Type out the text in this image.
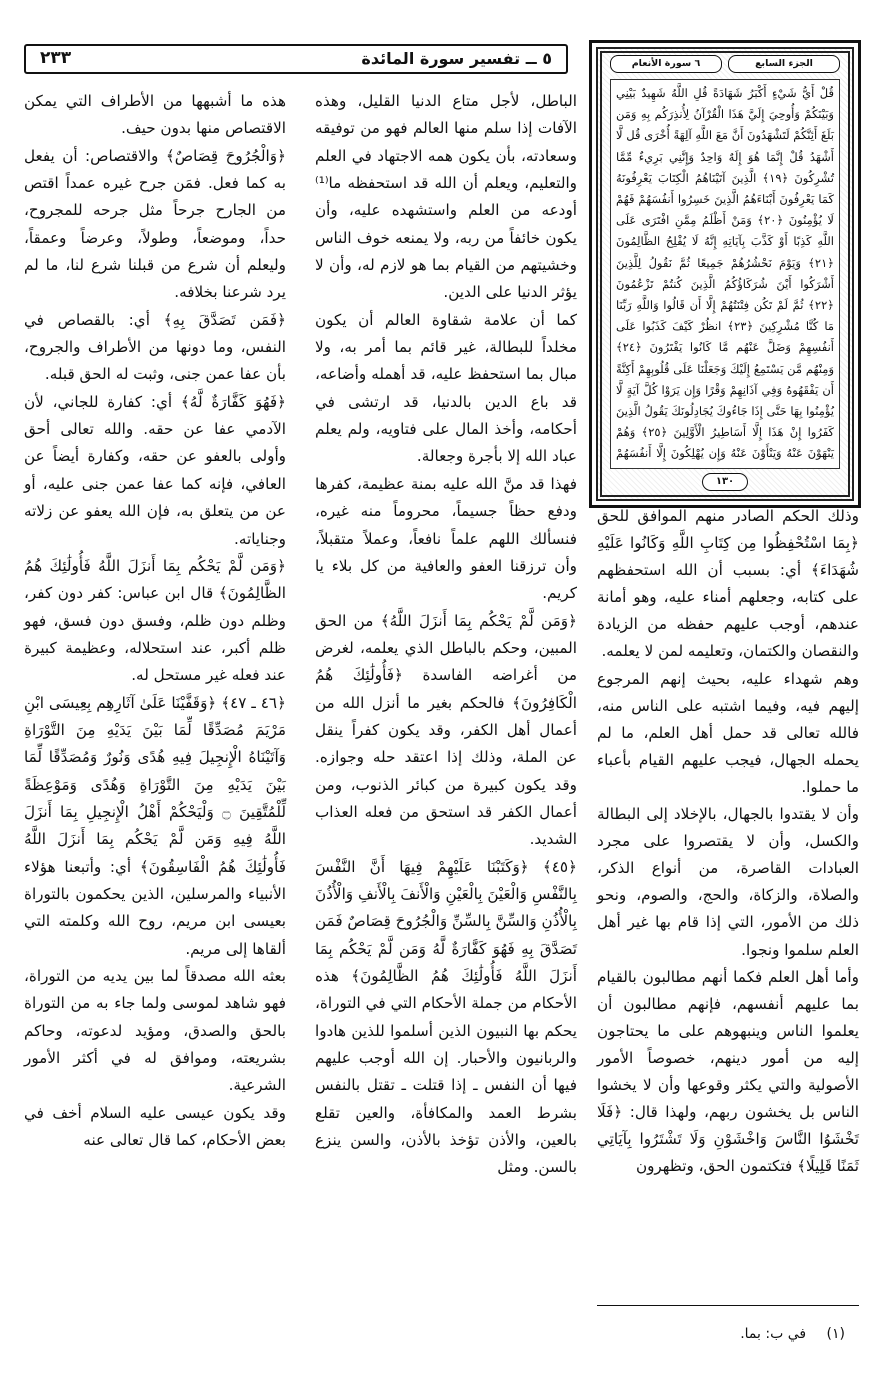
٢٣٣	٥ ــ تفسير سورة المائدة	الجزء السابع
٦ سورة الأنعام

قُلْ أَيُّ شَيْءٍ أَكْبَرُ شَهَادَةً قُلِ اللَّهُ شَهِيدٌ بَيْنِي وَبَيْنَكُمْ وَأُوحِيَ إِلَيَّ هَذَا الْقُرْآنُ لِأُنذِرَكُم بِهِ وَمَن بَلَغَ أَئِنَّكُمْ لَتَشْهَدُونَ أَنَّ مَعَ اللَّهِ آلِهَةً أُخْرَى قُل لَّا أَشْهَدُ قُلْ إِنَّمَا هُوَ إِلَهٌ وَاحِدٌ وَإِنَّنِي بَرِيءٌ مِّمَّا تُشْرِكُونَ ﴿١٩﴾ الَّذِينَ آتَيْنَاهُمُ الْكِتَابَ يَعْرِفُونَهُ كَمَا يَعْرِفُونَ أَبْنَاءَهُمُ الَّذِينَ خَسِرُوا أَنفُسَهُمْ فَهُمْ لَا يُؤْمِنُونَ ﴿٢٠﴾ وَمَنْ أَظْلَمُ مِمَّنِ افْتَرَى عَلَى اللَّهِ كَذِبًا أَوْ كَذَّبَ بِآيَاتِهِ إِنَّهُ لَا يُفْلِحُ الظَّالِمُونَ ﴿٢١﴾ وَيَوْمَ نَحْشُرُهُمْ جَمِيعًا ثُمَّ نَقُولُ لِلَّذِينَ أَشْرَكُوا أَيْنَ شُرَكَاؤُكُمُ الَّذِينَ كُنتُمْ تَزْعُمُونَ ﴿٢٢﴾ ثُمَّ لَمْ تَكُن فِتْنَتُهُمْ إِلَّا أَن قَالُوا وَاللَّهِ رَبِّنَا مَا كُنَّا مُشْرِكِينَ ﴿٢٣﴾ انظُرْ كَيْفَ كَذَبُوا عَلَى أَنفُسِهِمْ وَضَلَّ عَنْهُم مَّا كَانُوا يَفْتَرُونَ ﴿٢٤﴾ وَمِنْهُم مَّن يَسْتَمِعُ إِلَيْكَ وَجَعَلْنَا عَلَى قُلُوبِهِمْ أَكِنَّةً أَن يَفْقَهُوهُ وَفِي آذَانِهِمْ وَقْرًا وَإِن يَرَوْا كُلَّ آيَةٍ لَّا يُؤْمِنُوا بِهَا حَتَّى إِذَا جَاءُوكَ يُجَادِلُونَكَ يَقُولُ الَّذِينَ كَفَرُوا إِنْ هَذَا إِلَّا أَسَاطِيرُ الْأَوَّلِينَ ﴿٢٥﴾ وَهُمْ يَنْهَوْنَ عَنْهُ وَيَنْأَوْنَ عَنْهُ وَإِن يُهْلِكُونَ إِلَّا أَنفُسَهُمْ

١٣٠

الباطل، لأجل متاع الدنيا القليل، وهذه الآفات إذا سلم منها العالم فهو من توفيقه وسعادته، بأن يكون همه الاجتهاد في العلم والتعليم، ويعلم أن الله قد استحفظه ما⁽¹⁾ أودعه من العلم واستشهده عليه، وأن يكون خائفاً من ربه، ولا يمنعه خوف الناس وخشيتهم من القيام بما هو لازم له، وأن لا يؤثر الدنيا على الدين.

كما أن علامة شقاوة العالم أن يكون مخلداً للبطالة، غير قائم بما أمر به، ولا مبال بما استحفظ عليه، قد أهمله وأضاعه، قد باع الدين بالدنيا، قد ارتشى في أحكامه، وأخذ المال على فتاويه، ولم يعلم عباد الله إلا بأجرة وجعالة.

فهذا قد منَّ الله عليه بمنة عظيمة، كفرها ودفع حظاً جسيماً، محروماً منه غيره، فنسألك اللهم علماً نافعاً، وعملاً متقبلاً، وأن ترزقنا العفو والعافية من كل بلاء يا كريم.

﴿وَمَن لَّمْ يَحْكُم بِمَا أَنزَلَ اللَّهُ﴾ من الحق المبين، وحكم بالباطل الذي يعلمه، لغرض من أغراضه الفاسدة ﴿فَأُولَٰئِكَ هُمُ الْكَافِرُونَ﴾ فالحكم بغير ما أنزل الله من أعمال أهل الكفر، وقد يكون كفراً ينقل عن الملة، وذلك إذا اعتقد حله وجوازه. وقد يكون كبيرة من كبائر الذنوب، ومن أعمال الكفر قد استحق من فعله العذاب الشديد.

﴿٤٥﴾ ﴿وَكَتَبْنَا عَلَيْهِمْ فِيهَا أَنَّ النَّفْسَ بِالنَّفْسِ وَالْعَيْنَ بِالْعَيْنِ وَالْأَنفَ بِالْأَنفِ وَالْأُذُنَ بِالْأُذُنِ وَالسِّنَّ بِالسِّنِّ وَالْجُرُوحَ قِصَاصٌ فَمَن تَصَدَّقَ بِهِ فَهُوَ كَفَّارَةٌ لَّهُ وَمَن لَّمْ يَحْكُم بِمَا أَنزَلَ اللَّهُ فَأُولَٰئِكَ هُمُ الظَّالِمُونَ﴾ هذه الأحكام من جملة الأحكام التي في التوراة، يحكم بها النبيون الذين أسلموا للذين هادوا والربانيون والأحبار. إن الله أوجب عليهم فيها أن النفس ـ إذا قتلت ـ تقتل بالنفس بشرط العمد والمكافأة، والعين تقلع بالعين، والأذن تؤخذ بالأذن، والسن ينزع بالسن. ومثل

هذه ما أشبهها من الأطراف التي يمكن الاقتصاص منها بدون حيف.

﴿وَالْجُرُوحَ قِصَاصٌ﴾ والاقتصاص: أن يفعل به كما فعل. فمَن جرح غيره عمداً اقتص من الجارح جرحاً مثل جرحه للمجروح، حداً، وموضعاً، وطولاً، وعرضاً وعمقاً، وليعلم أن شرع من قبلنا شرع لنا، ما لم يرد شرعنا بخلافه.

﴿فَمَن تَصَدَّقَ بِهِ﴾ أي: بالقصاص في النفس، وما دونها من الأطراف والجروح، بأن عفا عمن جنى، وثبت له الحق قبله.

﴿فَهُوَ كَفَّارَةٌ لَّهُ﴾ أي: كفارة للجاني، لأن الآدمي عفا عن حقه. والله تعالى أحق وأولى بالعفو عن حقه، وكفارة أيضاً عن العافي، فإنه كما عفا عمن جنى عليه، أو عن من يتعلق به، فإن الله يعفو عن زلاته وجناياته.

﴿وَمَن لَّمْ يَحْكُم بِمَا أَنزَلَ اللَّهُ فَأُولَٰئِكَ هُمُ الظَّالِمُونَ﴾ قال ابن عباس: كفر دون كفر، وظلم دون ظلم، وفسق دون فسق، فهو ظلم أكبر، عند استحلاله، وعظيمة كبيرة عند فعله غير مستحل له.

﴿٤٦ ـ ٤٧﴾ ﴿وَقَفَّيْنَا عَلَىٰ آثَارِهِم بِعِيسَى ابْنِ مَرْيَمَ مُصَدِّقًا لِّمَا بَيْنَ يَدَيْهِ مِنَ التَّوْرَاةِ وَآتَيْنَاهُ الْإِنجِيلَ فِيهِ هُدًى وَنُورٌ وَمُصَدِّقًا لِّمَا بَيْنَ يَدَيْهِ مِنَ التَّوْرَاةِ وَهُدًى وَمَوْعِظَةً لِّلْمُتَّقِينَ ۝ وَلْيَحْكُمْ أَهْلُ الْإِنجِيلِ بِمَا أَنزَلَ اللَّهُ فِيهِ وَمَن لَّمْ يَحْكُم بِمَا أَنزَلَ اللَّهُ فَأُولَٰئِكَ هُمُ الْفَاسِقُونَ﴾ أي: وأتبعنا هؤلاء الأنبياء والمرسلين، الذين يحكمون بالتوراة بعيسى ابن مريم، روح الله وكلمته التي ألقاها إلى مريم.

بعثه الله مصدقاً لما بين يديه من التوراة، فهو شاهد لموسى ولما جاء به من التوراة بالحق والصدق، ومؤيد لدعوته، وحاكم بشريعته، وموافق له في أكثر الأمور الشرعية.

وقد يكون عيسى عليه السلام أخف في بعض الأحكام، كما قال تعالى عنه

وذلك الحكم الصادر منهم الموافق للحق ﴿بِمَا اسْتُحْفِظُوا مِن كِتَابِ اللَّهِ وَكَانُوا عَلَيْهِ شُهَدَاءَ﴾ أي: بسبب أن الله استحفظهم على كتابه، وجعلهم أمناء عليه، وهو أمانة عندهم، أوجب عليهم حفظه من الزيادة والنقصان والكتمان، وتعليمه لمن لا يعلمه.

وهم شهداء عليه، بحيث إنهم المرجوع إليهم فيه، وفيما اشتبه على الناس منه، فالله تعالى قد حمل أهل العلم، ما لم يحمله الجهال، فيجب عليهم القيام بأعباء ما حملوا.

وأن لا يقتدوا بالجهال، بالإخلاد إلى البطالة والكسل، وأن لا يقتصروا على مجرد العبادات القاصرة، من أنواع الذكر، والصلاة، والزكاة، والحج، والصوم، ونحو ذلك من الأمور، التي إذا قام بها غير أهل العلم سلموا ونجوا.

وأما أهل العلم فكما أنهم مطالبون بالقيام بما عليهم أنفسهم، فإنهم مطالبون أن يعلموا الناس وينبهوهم على ما يحتاجون إليه من أمور دينهم، خصوصاً الأمور الأصولية والتي يكثر وقوعها وأن لا يخشوا الناس بل يخشون ربهم، ولهذا قال: ﴿فَلَا تَخْشَوُا النَّاسَ وَاخْشَوْنِ وَلَا تَشْتَرُوا بِآيَاتِي ثَمَنًا قَلِيلًا﴾ فتكتمون الحق، وتظهرون

(١) في ب: بما.
